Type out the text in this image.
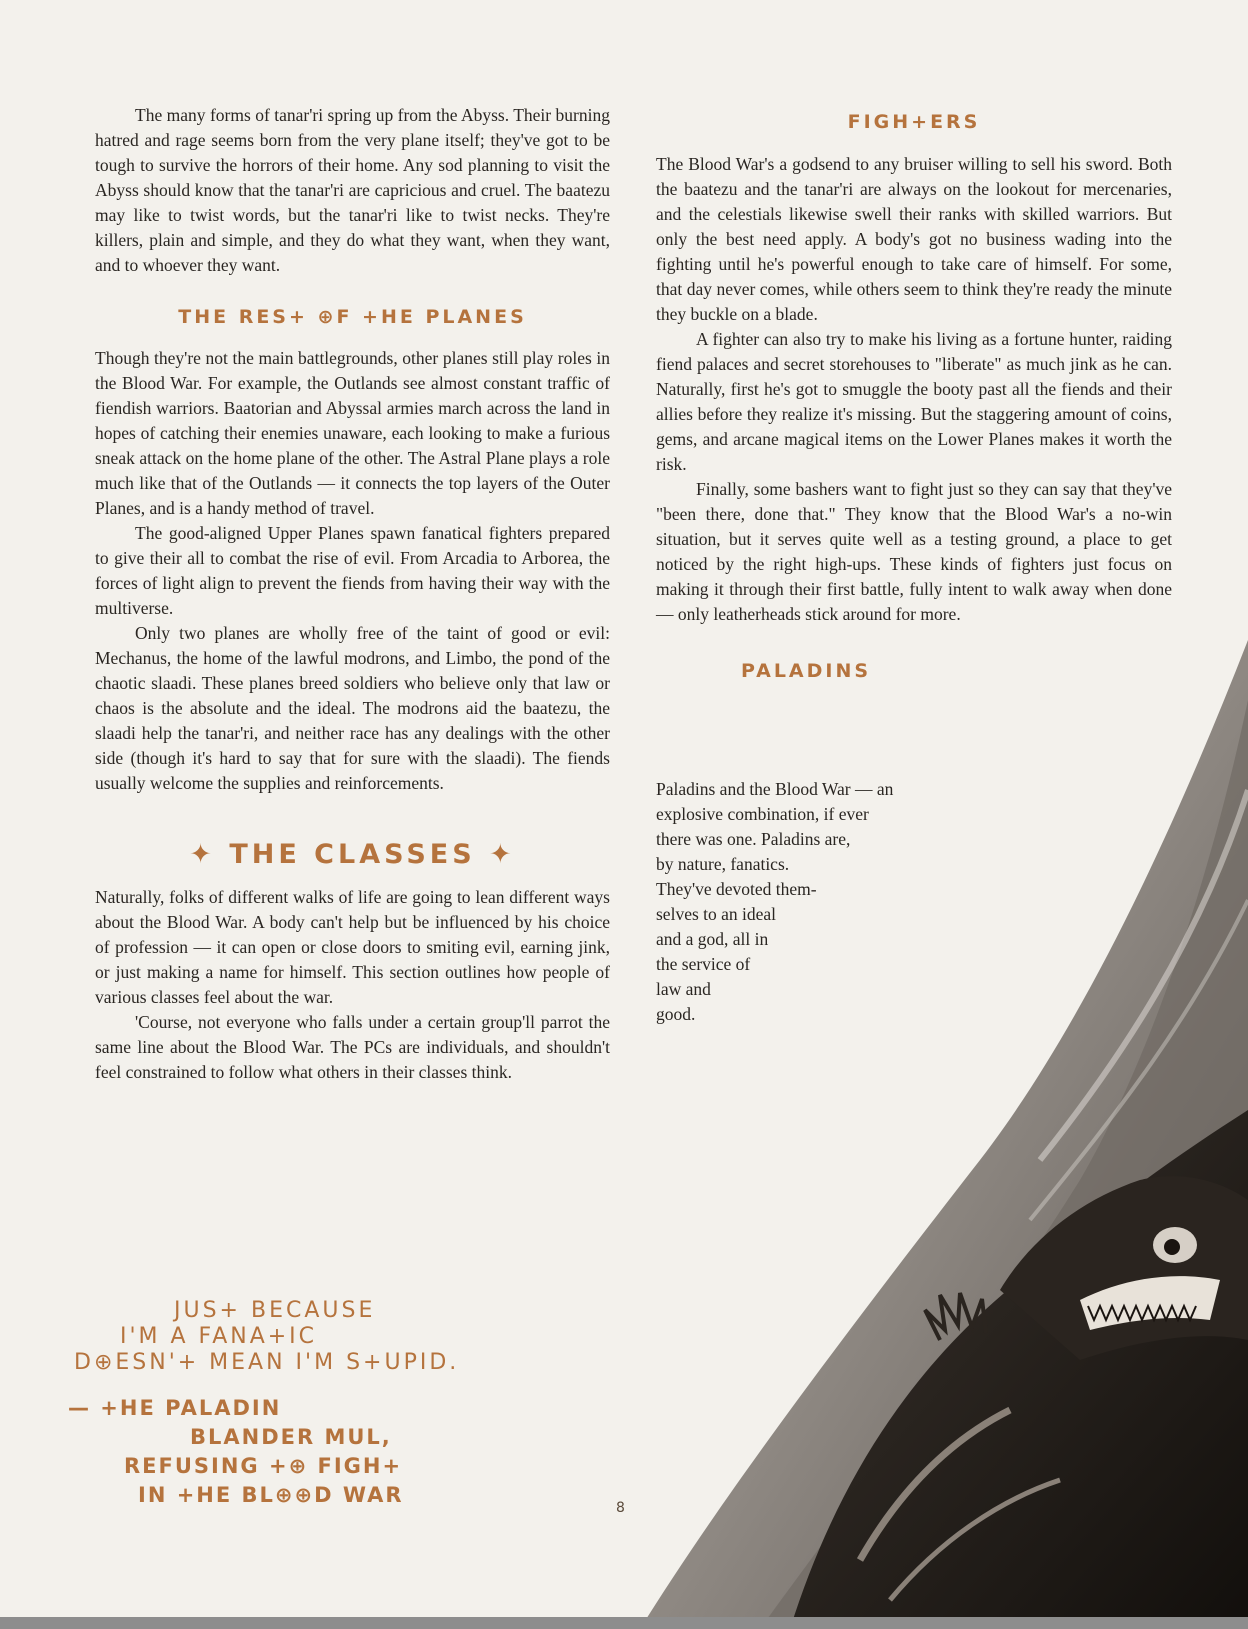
The many forms of tanar'ri spring up from the Abyss. Their burning hatred and rage seems born from the very plane itself; they've got to be tough to survive the horrors of their home. Any sod planning to visit the Abyss should know that the tanar'ri are capricious and cruel. The baatezu may like to twist words, but the tanar'ri like to twist necks. They're killers, plain and simple, and they do what they want, when they want, and to whoever they want.

THE RES+ ⊕F +HE PLANES

Though they're not the main battlegrounds, other planes still play roles in the Blood War. For example, the Outlands see almost constant traffic of fiendish warriors. Baatorian and Abyssal armies march across the land in hopes of catching their enemies unaware, each looking to make a furious sneak attack on the home plane of the other. The Astral Plane plays a role much like that of the Outlands — it connects the top layers of the Outer Planes, and is a handy method of travel.

The good-aligned Upper Planes spawn fanatical fighters prepared to give their all to combat the rise of evil. From Arcadia to Arborea, the forces of light align to prevent the fiends from having their way with the multiverse.

Only two planes are wholly free of the taint of good or evil: Mechanus, the home of the lawful modrons, and Limbo, the pond of the chaotic slaadi. These planes breed soldiers who believe only that law or chaos is the absolute and the ideal. The modrons aid the baatezu, the slaadi help the tanar'ri, and neither race has any dealings with the other side (though it's hard to say that for sure with the slaadi). The fiends usually welcome the supplies and reinforcements.

✦ THE CLASSES ✦

Naturally, folks of different walks of life are going to lean different ways about the Blood War. A body can't help but be influenced by his choice of profession — it can open or close doors to smiting evil, earning jink, or just making a name for himself. This section outlines how people of various classes feel about the war.

'Course, not everyone who falls under a certain group'll parrot the same line about the Blood War. The PCs are individuals, and shouldn't feel constrained to follow what others in their classes think.

FIGH+ERS

The Blood War's a godsend to any bruiser willing to sell his sword. Both the baatezu and the tanar'ri are always on the lookout for mercenaries, and the celestials likewise swell their ranks with skilled warriors. But only the best need apply. A body's got no business wading into the fighting until he's powerful enough to take care of himself. For some, that day never comes, while others seem to think they're ready the minute they buckle on a blade.

A fighter can also try to make his living as a fortune hunter, raiding fiend palaces and secret storehouses to "liberate" as much jink as he can. Naturally, first he's got to smuggle the booty past all the fiends and their allies before they realize it's missing. But the staggering amount of coins, gems, and arcane magical items on the Lower Planes makes it worth the risk.

Finally, some bashers want to fight just so they can say that they've "been there, done that." They know that the Blood War's a no-win situation, but it serves quite well as a testing ground, a place to get noticed by the right high-ups. These kinds of fighters just focus on making it through their first battle, fully intent to walk away when done — only leatherheads stick around for more.

PALADINS

Paladins and the Blood War — an
explosive combination, if ever
there was one. Paladins are,
by nature, fanatics.
They've devoted them-
selves to an ideal
and a god, all in
the service of
law and
good.
JUS+ BECAUSE
I'M A FANA+IC
D⊕ESN'+ MEAN I'M S+UPID.
— +HE PALADIN
BLANDER MUL,
REFUSING +⊕ FIGH+
IN +HE BL⊕⊕D WAR
8
